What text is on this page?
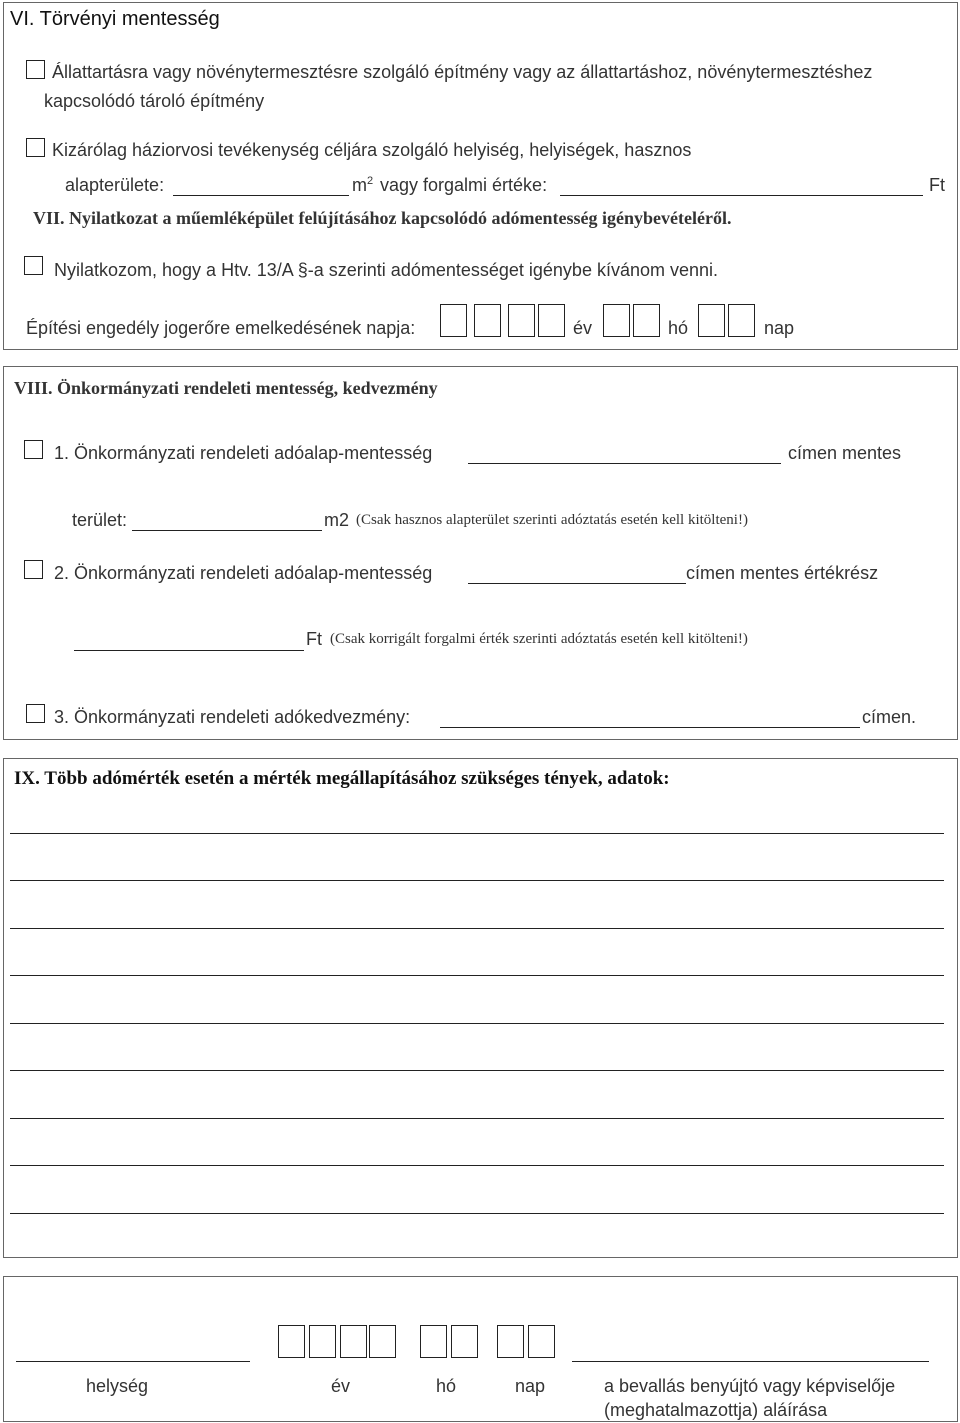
VI. Törvényi mentesség
Állattartásra vagy növénytermesztésre szolgáló építmény vagy az állattartáshoz, növénytermesztéshez
kapcsolódó tároló építmény
Kizárólag háziorvosi tevékenység céljára szolgáló helyiség, helyiségek, hasznos
alapterülete:	$m^2$ vagy forgalmi értéke:	Ft
VII. Nyilatkozat a műemléképület felújításához kapcsolódó adómentesség igénybevételéről.
Nyilatkozom, hogy a Htv. 13/A §-a szerinti adómentességet igénybe kívánom venni.
Építési engedély jogerőre emelkedésének napja:	év	hó	nap
VIII. Önkormányzati rendeleti mentesség, kedvezmény
1. Önkormányzati rendeleti adóalap-mentesség	címen mentes
terület:	m2 (Csak hasznos alapterület szerinti adóztatás esetén kell kitölteni!)
2. Önkormányzati rendeleti adóalap-mentesség	címen mentes értékrész
Ft (Csak korrigált forgalmi érték szerinti adóztatás esetén kell kitölteni!)
3. Önkormányzati rendeleti adókedvezmény:	címen.
IX. Több adómérték esetén a mérték megállapításához szükséges tények, adatok:
helység	év	hó	nap	a bevallás benyújtó vagy képviselője
(meghatalmazottja) aláírása
